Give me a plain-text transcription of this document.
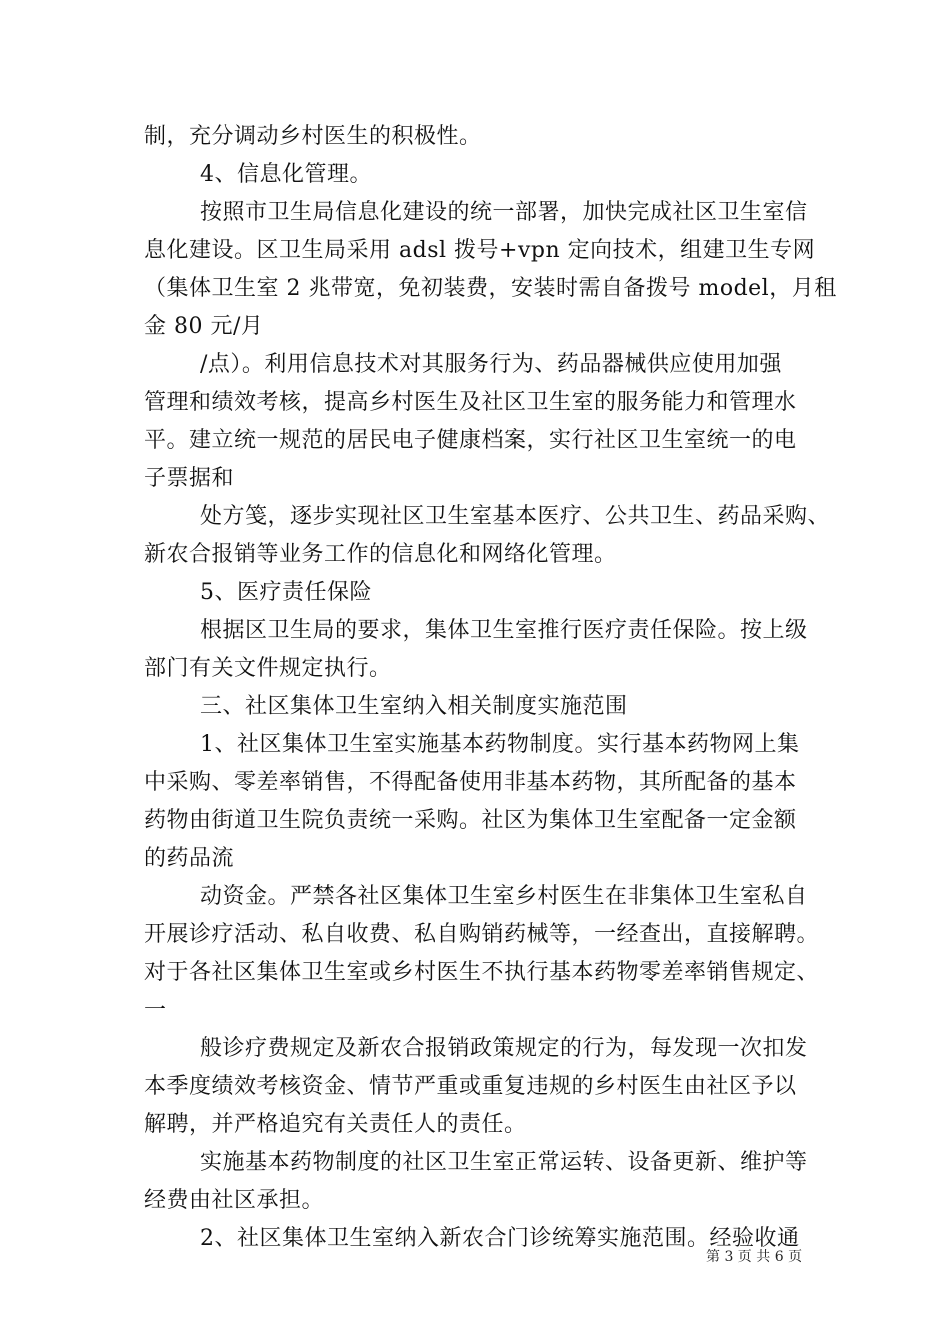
制，充分调动乡村医生的积极性。
4、信息化管理。
按照市卫生局信息化建设的统一部署，加快完成社区卫生室信
息化建设。区卫生局采用 adsl 拨号+vpn 定向技术，组建卫生专网
（集体卫生室 2 兆带宽，免初装费，安装时需自备拨号 model，月租
金 80 元/月
/点）。利用信息技术对其服务行为、药品器械供应使用加强
管理和绩效考核，提高乡村医生及社区卫生室的服务能力和管理水
平。建立统一规范的居民电子健康档案，实行社区卫生室统一的电
子票据和
处方笺，逐步实现社区卫生室基本医疗、公共卫生、药品采购、
新农合报销等业务工作的信息化和网络化管理。
5、医疗责任保险
根据区卫生局的要求，集体卫生室推行医疗责任保险。按上级
部门有关文件规定执行。
三、社区集体卫生室纳入相关制度实施范围
1、社区集体卫生室实施基本药物制度。实行基本药物网上集
中采购、零差率销售，不得配备使用非基本药物，其所配备的基本
药物由街道卫生院负责统一采购。社区为集体卫生室配备一定金额
的药品流
动资金。严禁各社区集体卫生室乡村医生在非集体卫生室私自
开展诊疗活动、私自收费、私自购销药械等，一经查出，直接解聘。
对于各社区集体卫生室或乡村医生不执行基本药物零差率销售规定、
一
般诊疗费规定及新农合报销政策规定的行为，每发现一次扣发
本季度绩效考核资金、情节严重或重复违规的乡村医生由社区予以
解聘，并严格追究有关责任人的责任。
实施基本药物制度的社区卫生室正常运转、设备更新、维护等
经费由社区承担。
2、社区集体卫生室纳入新农合门诊统筹实施范围。经验收通
第 3 页 共 6 页
